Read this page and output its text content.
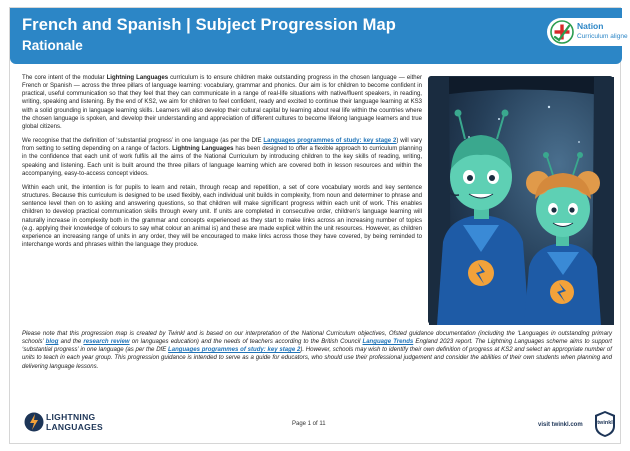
French and Spanish | Subject Progression Map
Rationale
Nation
Curriculum aligne

The core intent of the modular Lightning Languages curriculum is to ensure children make outstanding progress in the chosen language — either French or Spanish — across the three pillars of language learning: vocabulary, grammar and phonics. Our aim is for children to become confident in practical, useful communication so that they feel that they can communicate in a range of real-life situations with native/fluent speakers, in reading, writing, speaking and listening. By the end of KS2, we aim for children to feel confident, ready and excited to continue their language learning at KS3 with a solid grounding in language learning skills. Learners will also develop their cultural capital by learning about real life within the countries where the chosen language is spoken, and develop their understanding and appreciation of different cultures to become lifelong language learners and true global citizens.

We recognise that the definition of ‘substantial progress’ in one language (as per the DfE Languages programmes of study: key stage 2) will vary from setting to setting depending on a range of factors. Lightning Languages has been designed to offer a flexible approach to curriculum planning in the confidence that each unit of work fulfils all the aims of the National Curriculum by introducing children to the key skills of reading, writing, speaking and listening. Each unit is built around the three pillars of language learning which are covered both in lesson resources and within the accompanying, easy-to-access concept videos.

Within each unit, the intention is for pupils to learn and retain, through recap and repetition, a set of core vocabulary words and key sentence structures. Because this curriculum is designed to be used flexibly, each individual unit builds in complexity, from noun and determiner to phrase and sentence level then on to asking and answering questions, so that children will make significant progress within each unit of work. This enables children to develop practical communication skills through every unit. If units are completed in consecutive order, children’s language learning will naturally increase in complexity both in the grammar and concepts experienced as they start to make links across an increasing number of topics (e.g. applying their knowledge of colours to say what colour an animal is) and these are made explicit within the unit resources. However, as children experience an increasing range of units in any order, they will be encouraged to make links across those they have covered, by being reminded to interchange words and phrases within the language they produce.

Please note that this progression map is created by Twinkl and is based on our interpretation of the National Curriculum objectives, Ofsted guidance documentation (including the ‘Languages in outstanding primary schools’ blog and the research review on languages education) and the needs of teachers according to the British Council Language Trends England 2023 report. The Lightning Languages scheme aims to support ‘substantial progress’ in one language (as per the DfE Languages programmes of study: key stage 2). However, schools may wish to identify their own definition of progress at KS2 and select an appropriate number of units to teach in each year group. This progression guidance is intended to serve as a guide for educators, who should use their professional judgement and consider the abilities of their own students when planning and delivering language lessons.
LIGHTNING
LANGUAGES	Page 1 of 11	visit twinkl.com	twinkl
